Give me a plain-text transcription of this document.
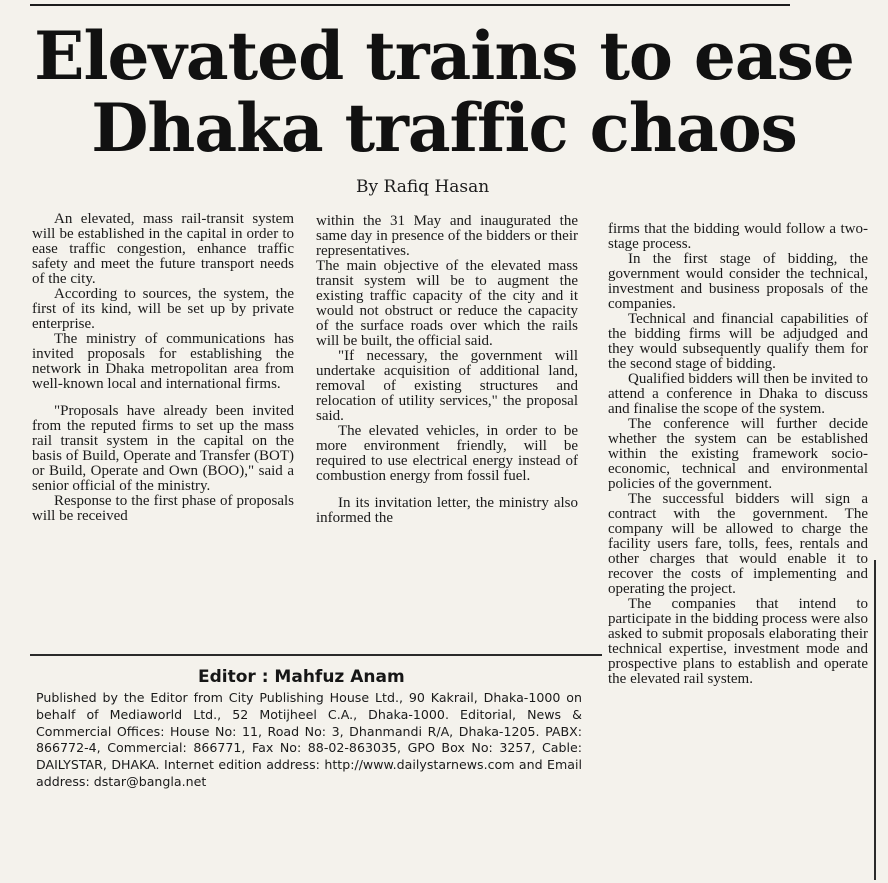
Elevated trains to ease
Dhaka traffic chaos
By Rafiq Hasan

An elevated, mass rail-transit system will be established in the capital in order to ease traffic congestion, enhance traffic safety and meet the future transport needs of the city.

According to sources, the system, the first of its kind, will be set up by private enterprise.

The ministry of communications has invited proposals for establishing the network in Dhaka metropolitan area from well-known local and international firms.

"Proposals have already been invited from the reputed firms to set up the mass rail transit system in the capital on the basis of Build, Operate and Transfer (BOT) or Build, Operate and Own (BOO)," said a senior official of the ministry.

Response to the first phase of proposals will be received

within the 31 May and inaugurated the same day in presence of the bidders or their representatives.

The main objective of the elevated mass transit system will be to augment the existing traffic capacity of the city and it would not obstruct or reduce the capacity of the surface roads over which the rails will be built, the official said.

"If necessary, the government will undertake acquisition of additional land, removal of existing structures and relocation of utility services," the proposal said.

The elevated vehicles, in order to be more environment friendly, will be required to use electrical energy instead of combustion energy from fossil fuel.

In its invitation letter, the ministry also informed the

firms that the bidding would follow a two-stage process.

In the first stage of bidding, the government would consider the technical, investment and business proposals of the companies.

Technical and financial capabilities of the bidding firms will be adjudged and they would subsequently qualify them for the second stage of bidding.

Qualified bidders will then be invited to attend a conference in Dhaka to discuss and finalise the scope of the system.

The conference will further decide whether the system can be established within the existing framework socio-economic, technical and environmental policies of the government.

The successful bidders will sign a contract with the government. The company will be allowed to charge the facility users fare, tolls, fees, rentals and other charges that would enable it to recover the costs of implementing and operating the project.

The companies that intend to participate in the bidding process were also asked to submit proposals elaborating their technical expertise, investment mode and prospective plans to establish and operate the elevated rail system.

Editor : Mahfuz Anam
Published by the Editor from City Publishing House Ltd., 90 Kakrail, Dhaka-1000 on behalf of Mediaworld Ltd., 52 Motijheel C.A., Dhaka-1000. Editorial, News & Commercial Offices: House No: 11, Road No: 3, Dhanmandi R/A, Dhaka-1205. PABX: 866772-4, Commercial: 866771, Fax No: 88-02-863035, GPO Box No: 3257, Cable: DAILYSTAR, DHAKA. Internet edition address: http://www.dailystarnews.com and Email address: dstar@bangla.net
